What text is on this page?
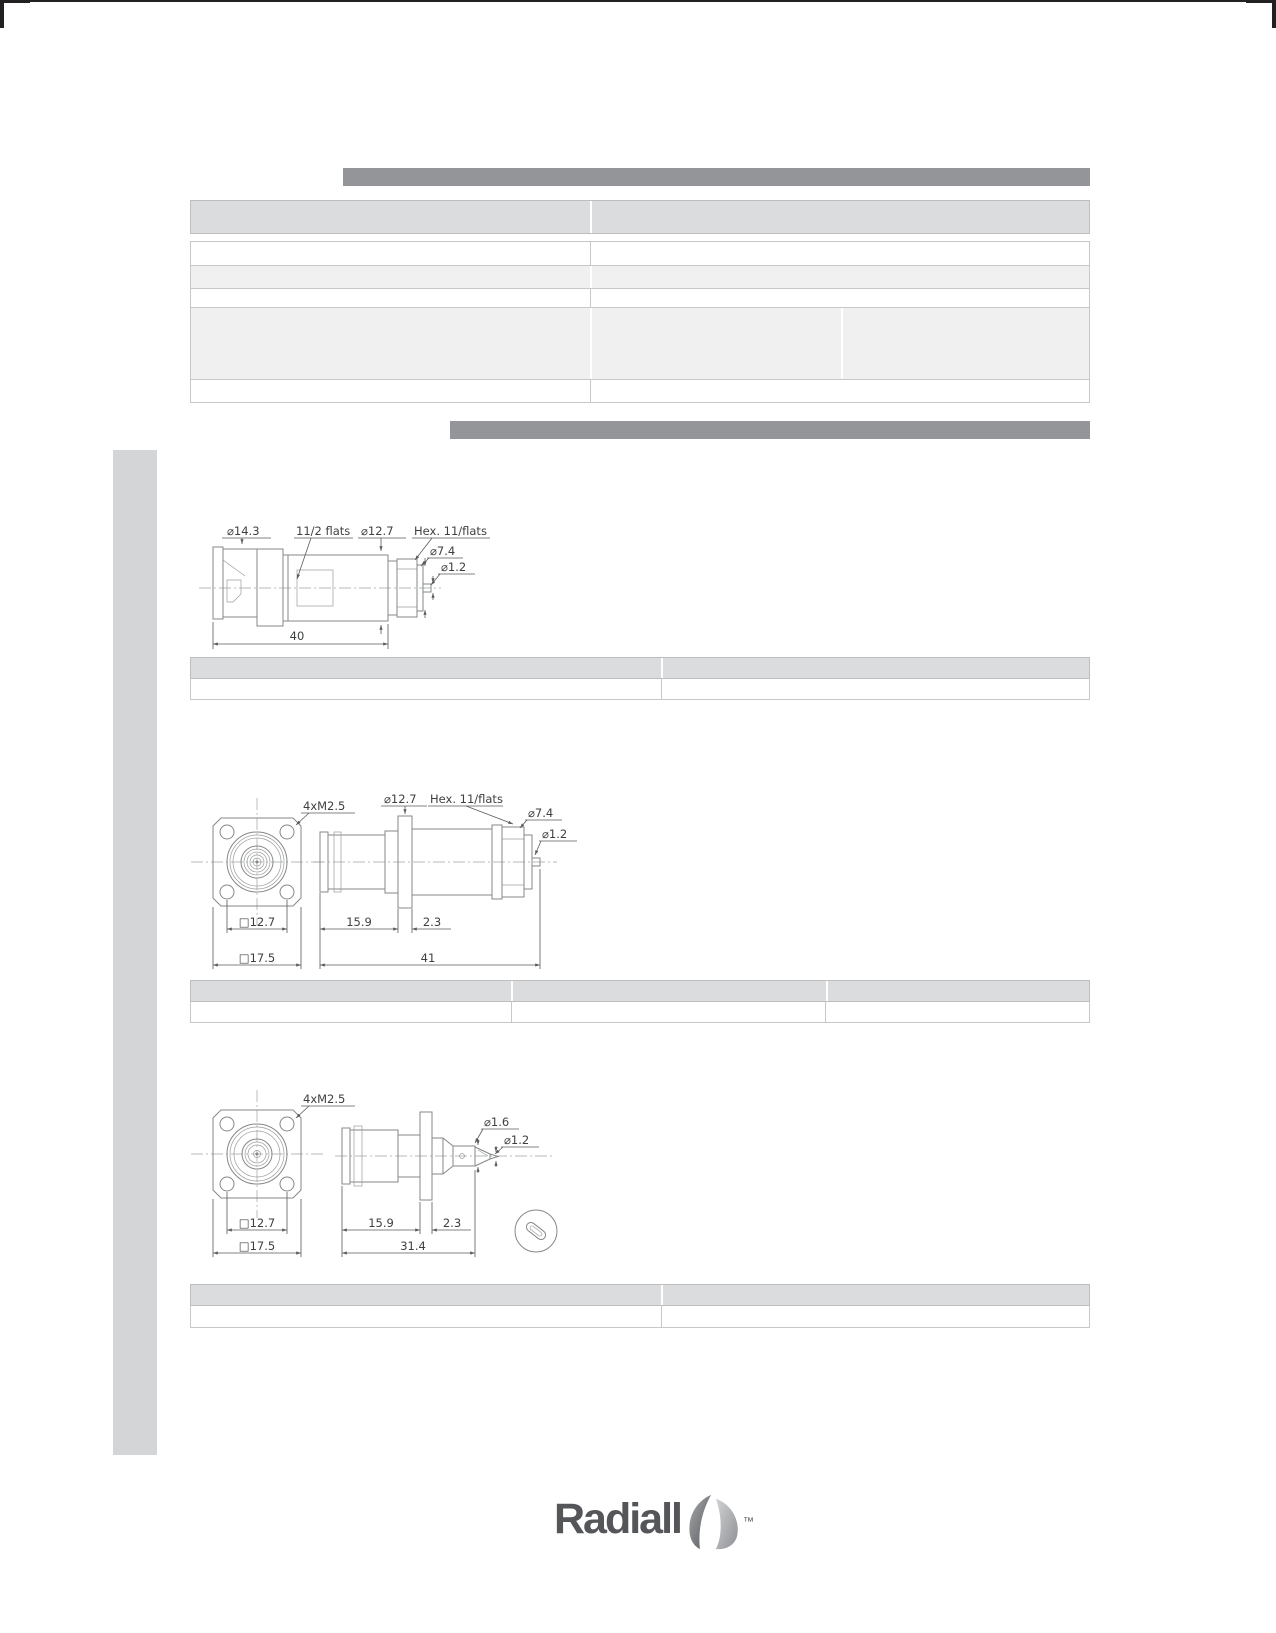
⌀14.3	11/2 flats ⌀12.7 Hex. 11/flats
⌀7.4
⌀1.2
40
4xM2.5	⌀12.7 Hex. 11/flats
⌀7.4
⌀1.2
□12.7
□17.5
15.9	2.3
41
4xM2.5
⌀1.6
⌀1.2
□12.7
□17.5
15.9	2.3
31.4
Radiall	™
